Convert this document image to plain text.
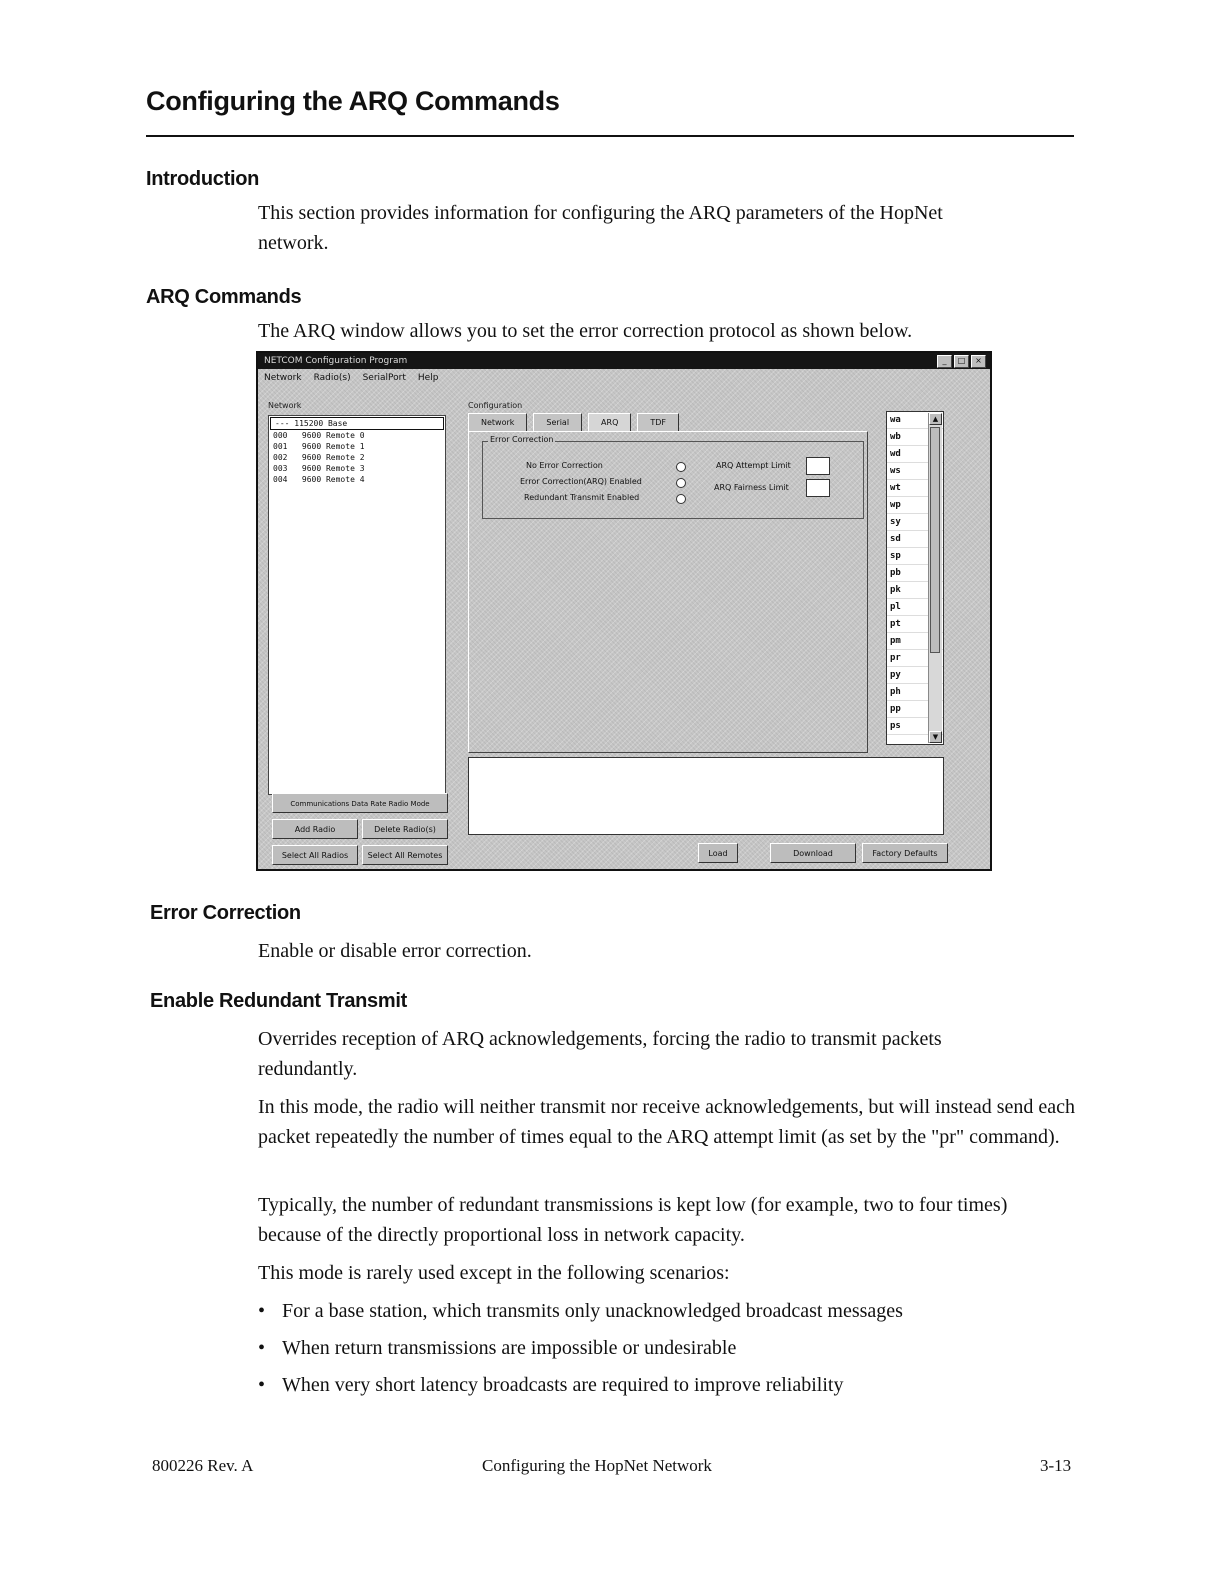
Configuring the ARQ Commands
Introduction

This section provides information for configuring the ARQ parameters of the HopNet network.

ARQ Commands

The ARQ window allows you to set the error correction protocol as shown below.

NETCOM Configuration Program	_	□	×
Network Radio(s) SerialPort Help
Network
--- 115200 Base
000   9600 Remote 0
001   9600 Remote 1
002   9600 Remote 2
003   9600 Remote 3
004   9600 Remote 4
Communications Data Rate Radio Mode
Add Radio	Delete Radio(s)
Select All Radios	Select All Remotes
Configuration
Network	Serial	ARQ	TDF
Error Correction
No Error Correction
Error Correction(ARQ) Enabled
Redundant Transmit Enabled
ARQ Attempt Limit
ARQ Fairness Limit
wa
wb
wd
ws
wt
wp
sy
sd
sp
pb
pk
pl
pt
pm
pr
py
ph
pp
ps
▲
▼
Load	Download	Factory Defaults
Error Correction

Enable or disable error correction.

Enable Redundant Transmit

Overrides reception of ARQ acknowledgements, forcing the radio to transmit packets redundantly.

In this mode, the radio will neither transmit nor receive acknowledgements, but will instead send each packet repeatedly the number of times equal to the ARQ attempt limit (as set by the "pr" command).

Typically, the number of redundant transmissions is kept low (for example, two to four times) because of the directly proportional loss in network capacity.

This mode is rarely used except in the following scenarios:

• For a base station, which transmits only unacknowledged broadcast messages
• When return transmissions are impossible or undesirable
• When very short latency broadcasts are required to improve reliability
800226 Rev. A	Configuring the HopNet Network	3-13
